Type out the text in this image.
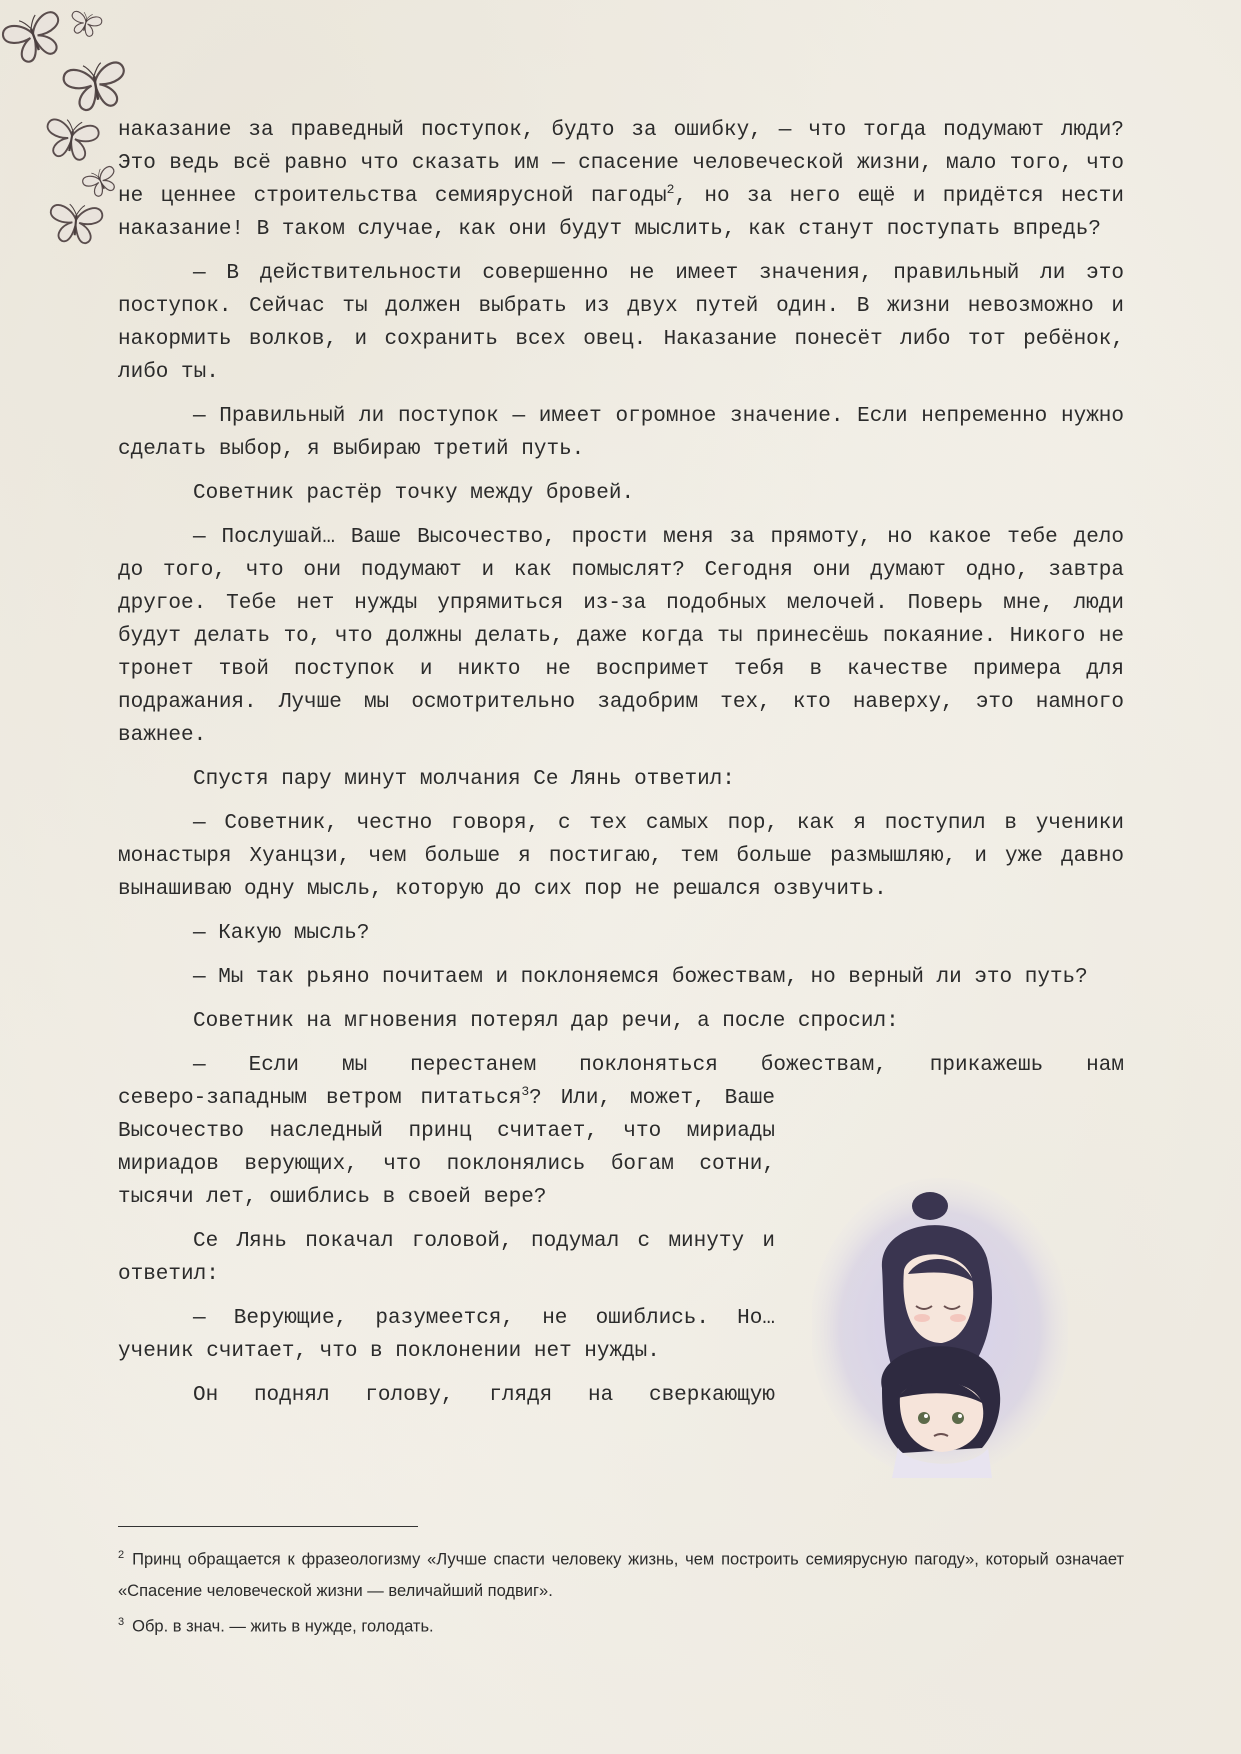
наказание за праведный поступок, будто за ошибку, — что тогда подумают люди? Это ведь всё равно что сказать им — спасение человеческой жизни, мало того, что не ценнее строительства семиярусной пагоды$^2$, но за него ещё и придётся нести наказание! В таком случае, как они будут мыслить, как станут поступать впредь?

— В действительности совершенно не имеет значения, правильный ли это поступок. Сейчас ты должен выбрать из двух путей один. В жизни невозможно и накормить волков, и сохранить всех овец. Наказание понесёт либо тот ребёнок, либо ты.

— Правильный ли поступок — имеет огромное значение. Если непременно нужно сделать выбор, я выбираю третий путь.

Советник растёр точку между бровей.

— Послушай… Ваше Высочество, прости меня за прямоту, но какое тебе дело до того, что они подумают и как помыслят? Сегодня они думают одно, завтра другое. Тебе нет нужды упрямиться из-за подобных мелочей. Поверь мне, люди будут делать то, что должны делать, даже когда ты принесёшь покаяние. Никого не тронет твой поступок и никто не воспримет тебя в качестве примера для подражания. Лучше мы осмотрительно задобрим тех, кто наверху, это намного важнее.

Спустя пару минут молчания Се Лянь ответил:

— Советник, честно говоря, с тех самых пор, как я поступил в ученики монастыря Хуанцзи, чем больше я постигаю, тем больше размышляю, и уже давно вынашиваю одну мысль, которую до сих пор не решался озвучить.

— Какую мысль?

— Мы так рьяно почитаем и поклоняемся божествам, но верный ли это путь?

Советник на мгновения потерял дар речи, а после спросил:

— Если мы перестанем поклоняться божествам, прикажешь нам

северо-западным ветром питаться$^3$? Или, может, Ваше Высочество наследный принц считает, что мириады мириадов верующих, что поклонялись богам сотни, тысячи лет, ошиблись в своей вере?

Се Лянь покачал головой, подумал с минуту и ответил:

— Верующие, разумеется, не ошиблись. Но… ученик считает, что в поклонении нет нужды.

Он поднял голову, глядя на сверкающую

$^2$ Принц обращается к фразеологизму «Лучше спасти человеку жизнь, чем построить семиярусную пагоду», который означает «Спасение человеческой жизни — величайший подвиг».

$^3$ Обр. в знач. — жить в нужде, голодать.
